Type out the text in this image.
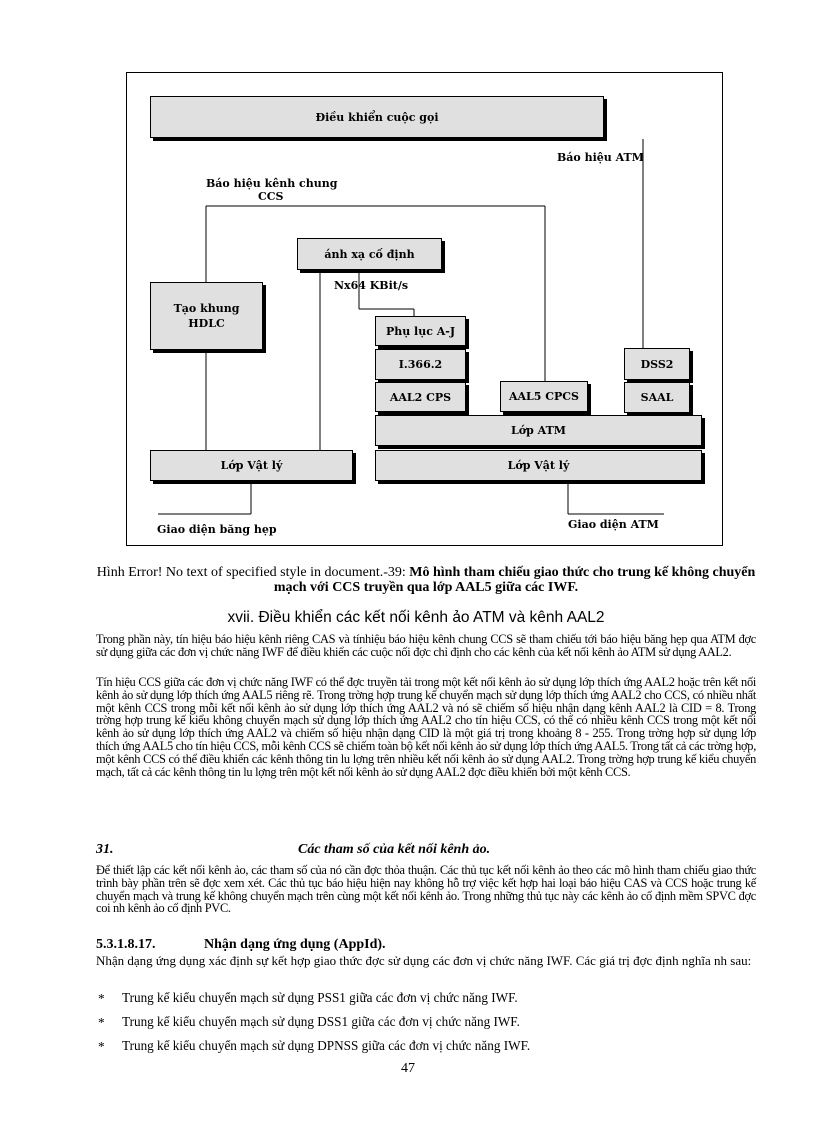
Điều khiển cuộc gọi
Báo hiệu ATM
Báo hiệu kênh chung
CCS
ánh xạ cố định
Nx64 KBit/s
Tạo khung
HDLC
Phụ lục A-J
I.366.2
AAL2 CPS	AAL5 CPCS
DSS2
SAAL
Lớp ATM
Lớp Vật lý	Lớp Vật lý
Giao diện băng hẹp	Giao diện ATM
Hình Error! No text of specified style in document.-39: Mô hình tham chiếu giao thức cho trung kế không chuyển mạch với CCS truyền qua lớp AAL5 giữa các IWF.
xvii. Điều khiển các kết nối kênh ảo ATM và kênh AAL2
Trong phần này, tín hiệu báo hiệu kênh riêng CAS và tínhiệu báo hiệu kênh chung CCS sẽ tham chiếu tới báo hiệu băng hẹp qua ATM đợc sử dụng giữa các đơn vị chức năng IWF để điều khiển các cuộc nối đợc chỉ định cho các kênh của kết nối kênh ảo ATM sử dụng AAL2.
Tín hiệu CCS giữa các đơn vị chức năng IWF có thể đợc truyền tải trong một kết nối kênh ảo sử dụng lớp thích ứng AAL2 hoặc trên kết nối kênh ảo sử dụng lớp thích ứng AAL5 riêng rẽ. Trong trờng hợp trung kế chuyển mạch sử dụng lớp thích ứng AAL2 cho CCS, có nhiều nhất một kênh CCS trong mỗi kết nối kênh ảo sử dụng lớp thích ứng AAL2 và nó sẽ chiếm số hiệu nhận dạng kênh AAL2 là CID = 8. Trong trờng hợp trung kế kiểu không chuyển mạch sử dụng lớp thích ứng AAL2 cho tín hiệu CCS, có thể có nhiều kênh CCS trong một kết nối kênh ảo sử dụng lớp thích ứng AAL2 và chiếm số hiệu nhận dạng CID là một giá trị trong khoảng 8 - 255. Trong trờng hợp sử dụng lớp thích ứng AAL5 cho tín hiệu CCS, mỗi kênh CCS sẽ chiếm toàn bộ kết nối kênh ảo sử dụng lớp thích ứng AAL5. Trong tất cả các trờng hợp, một kênh CCS có thể điều khiển các kênh thông tin lu lợng trên nhiều kết nối kênh ảo sử dụng AAL2. Trong trờng hợp trung kế kiểu chuyển mạch, tất cả các kênh thông tin lu lợng trên một kết nối kênh ảo sử dụng AAL2 đợc điều khiển bởi một kênh CCS.
31.	Các tham số của kết nối kênh ảo.
Để thiết lập các kết nối kênh ảo, các tham số của nó cần đợc thỏa thuận. Các thủ tục kết nối kênh ảo theo các mô hình tham chiếu giao thức trình bày phần trên sẽ đợc xem xét. Các thủ tục báo hiệu hiện nay không hỗ trợ việc kết hợp hai loại báo hiệu CAS và CCS hoặc trung kế chuyển mạch và trung kế không chuyển mạch trên cùng một kết nối kênh ảo. Trong những thủ tục này các kênh ảo cố định mềm SPVC đợc coi nh kênh ảo cố định PVC.
5.3.1.8.17.	Nhận dạng ứng dụng (AppId).
Nhận dạng ứng dụng xác định sự kết hợp giao thức đợc sử dụng các đơn vị chức năng IWF. Các giá trị đợc định nghĩa nh sau:
* Trung kế kiểu chuyển mạch sử dụng PSS1 giữa các đơn vị chức năng IWF.
* Trung kế kiểu chuyển mạch sử dụng DSS1 giữa các đơn vị chức năng IWF.
* Trung kế kiểu chuyển mạch sử dụng DPNSS giữa các đơn vị chức năng IWF.
47
